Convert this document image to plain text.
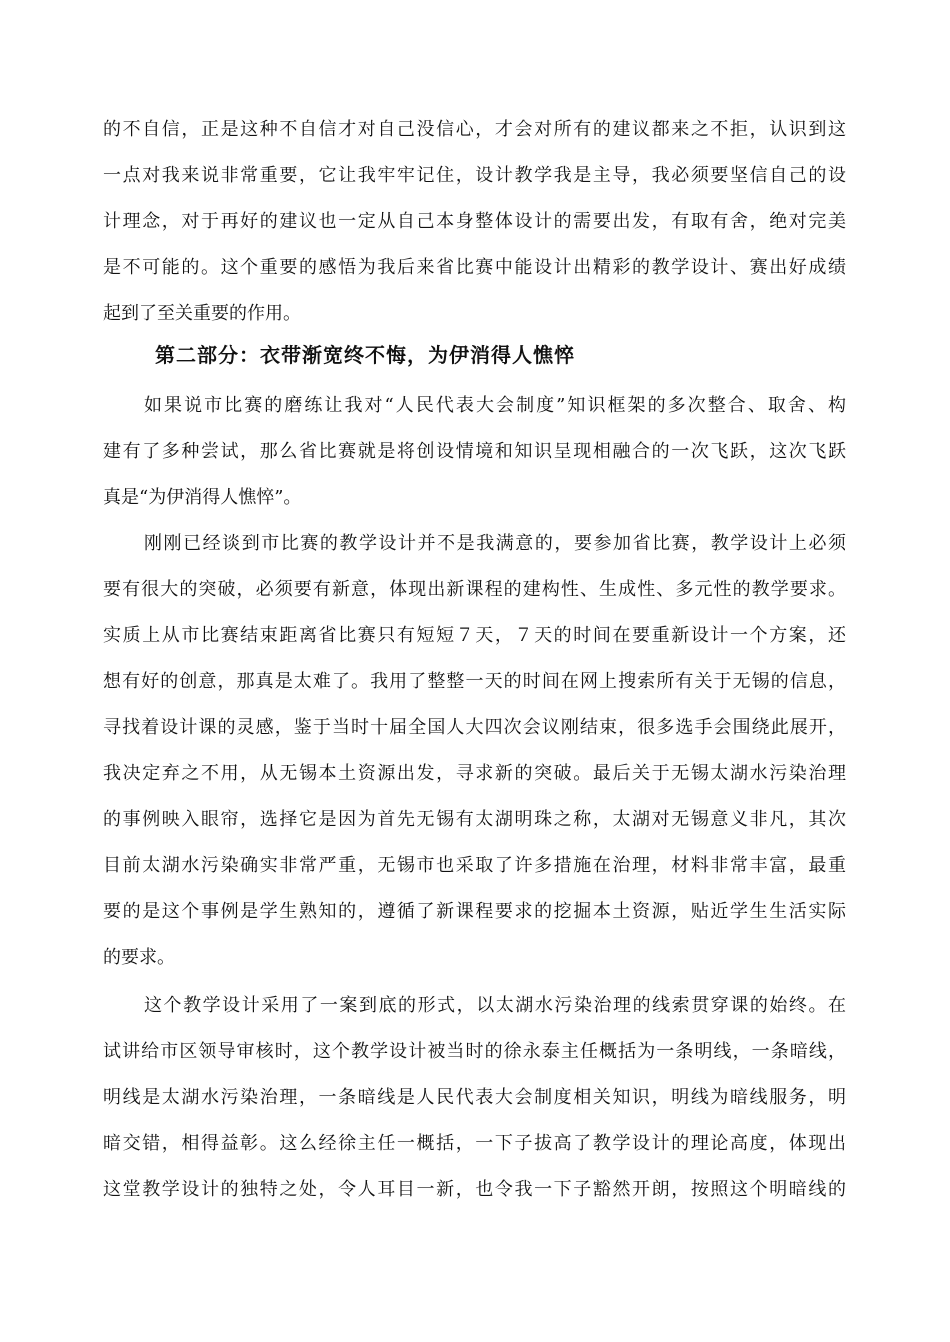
的不自信，正是这种不自信才对自己没信心，才会对所有的建议都来之不拒，认识到这
一点对我来说非常重要，它让我牢牢记住，设计教学我是主导，我必须要坚信自己的设
计理念，对于再好的建议也一定从自己本身整体设计的需要出发，有取有舍，绝对完美
是不可能的。这个重要的感悟为我后来省比赛中能设计出精彩的教学设计、赛出好成绩
起到了至关重要的作用。
第二部分：衣带渐宽终不悔，为伊消得人憔悴
如果说市比赛的磨练让我对“人民代表大会制度”知识框架的多次整合、取舍、构
建有了多种尝试，那么省比赛就是将创设情境和知识呈现相融合的一次飞跃，这次飞跃
真是“为伊消得人憔悴”。
刚刚已经谈到市比赛的教学设计并不是我满意的，要参加省比赛，教学设计上必须
要有很大的突破，必须要有新意，体现出新课程的建构性、生成性、多元性的教学要求。
实质上从市比赛结束距离省比赛只有短短７天，７天的时间在要重新设计一个方案，还
想有好的创意，那真是太难了。我用了整整一天的时间在网上搜索所有关于无锡的信息，
寻找着设计课的灵感，鉴于当时十届全国人大四次会议刚结束，很多选手会围绕此展开，
我决定弃之不用，从无锡本土资源出发，寻求新的突破。最后关于无锡太湖水污染治理
的事例映入眼帘，选择它是因为首先无锡有太湖明珠之称，太湖对无锡意义非凡，其次
目前太湖水污染确实非常严重，无锡市也采取了许多措施在治理，材料非常丰富，最重
要的是这个事例是学生熟知的，遵循了新课程要求的挖掘本土资源，贴近学生生活实际
的要求。
这个教学设计采用了一案到底的形式，以太湖水污染治理的线索贯穿课的始终。在
试讲给市区领导审核时，这个教学设计被当时的徐永泰主任概括为一条明线，一条暗线，
明线是太湖水污染治理，一条暗线是人民代表大会制度相关知识，明线为暗线服务，明
暗交错，相得益彰。这么经徐主任一概括，一下子拔高了教学设计的理论高度，体现出
这堂教学设计的独特之处，令人耳目一新，也令我一下子豁然开朗，按照这个明暗线的
